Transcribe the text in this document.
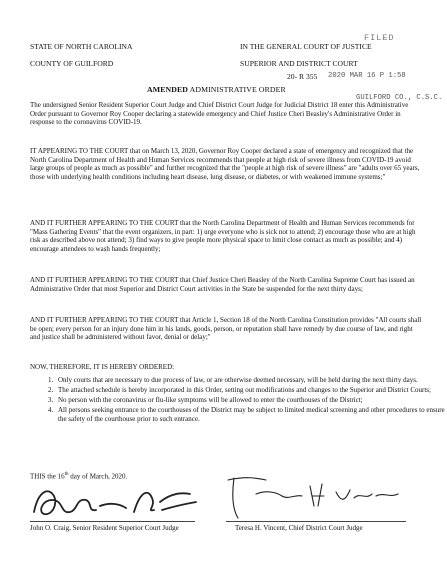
STATE OF NORTH CAROLINA
COUNTY OF GUILFORD
IN THE GENERAL COURT OF JUSTICE
SUPERIOR AND DISTRICT COURT
FILED
20- R 355 2020 MAR 16 P 1:58
GUILFORD CO., C.S.C.
AMENDED ADMINISTRATIVE ORDER
The undersigned Senior Resident Superior Court Judge and Chief District Court Judge for Judicial District 18 enter this Administrative Order pursuant to Governor Roy Cooper declaring a statewide emergency and Chief Justice Cheri Beasley's Administrative Order in response to the coronavirus COVID-19.
IT APPEARING TO THE COURT that on March 13, 2020, Governor Roy Cooper declared a state of emergency and recognized that the North Carolina Department of Health and Human Services recommends that people at high risk of severe illness from COVID-19 avoid large groups of people as much as possible" and further recognized that the "people at high risk of severe illness" are "adults over 65 years, those with underlying health conditions including heart disease, lung disease, or diabetes, or with weakened immune systems;"
AND IT FURTHER APPEARING TO THE COURT that the North Carolina Department of Health and Human Services recommends for "Mass Gathering Events" that the event organizers, in part: 1) urge everyone who is sick not to attend; 2) encourage those who are at high risk as described above not attend; 3) find ways to give people more physical space to limit close contact as much as possible; and 4) encourage attendees to wash hands frequently;
AND IT FURTHER APPEARING TO THE COURT that Chief Justice Cheri Beasley of the North Carolina Supreme Court has issued an Administrative Order that most Superior and District Court activities in the State be suspended for the next thirty days;
AND IT FURTHER APPEARING TO THE COURT that Article 1, Section 18 of the North Carolina Constitution provides "All courts shall be open; every person for an injury done him in his lands, goods, person, or reputation shall have remedy by due course of law, and right and justice shall be administered without favor, denial or delay;"
NOW, THEREFORE, IT IS HEREBY ORDERED:
1. Only courts that are necessary to due process of law, or are otherwise deemed necessary, will be held during the next thirty days.
2. The attached schedule is hereby incorporated in this Order, setting out modifications and changes to the Superior and District Courts;
3. No person with the coronavirus or flu-like symptoms will be allowed to enter the courthouses of the District;
4. All persons seeking entrance to the courthouses of the District may be subject to limited medical screening and other procedures to ensure the safety of the courthouse prior to such entrance.
THIS the 16th day of March, 2020.
John O. Craig, Senior Resident Superior Court Judge	Teresa H. Vincent, Chief District Court Judge
